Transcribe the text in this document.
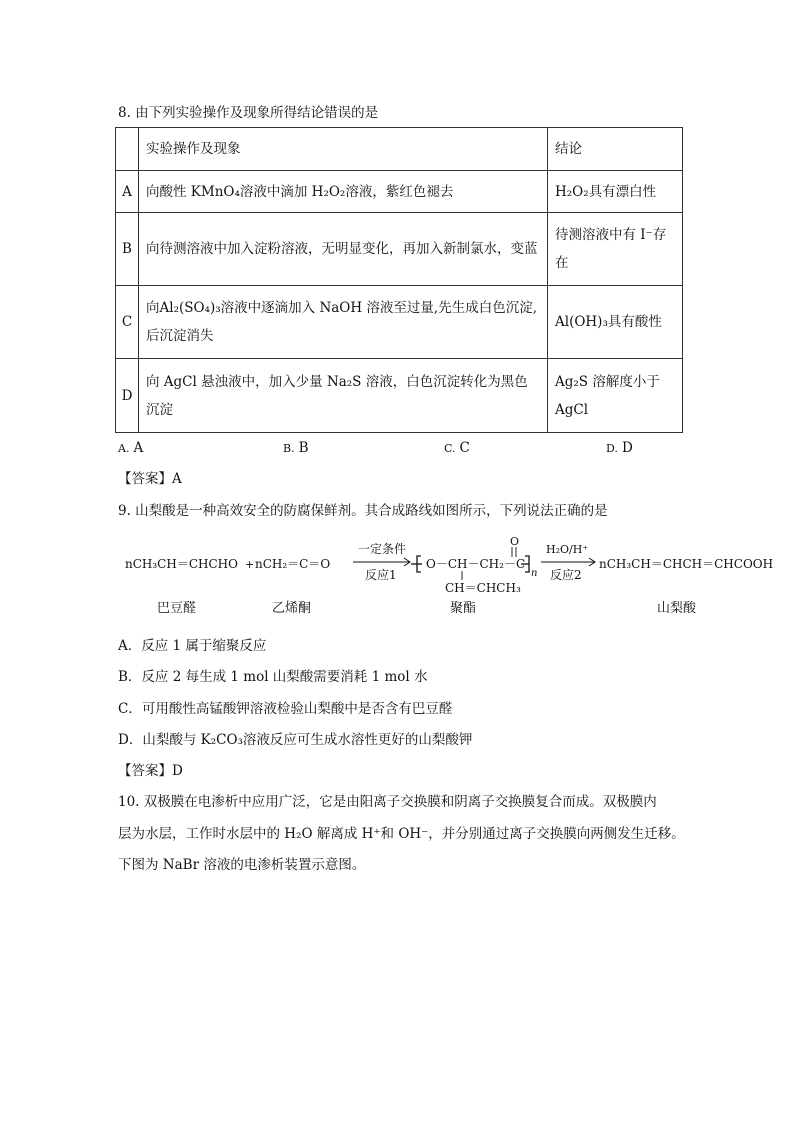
8. 由下列实验操作及现象所得结论错误的是
	实验操作及现象	结论
A	向酸性 KMnO₄溶液中滴加 H₂O₂溶液，紫红色褪去	H₂O₂具有漂白性
B	向待测溶液中加入淀粉溶液，无明显变化，再加入新制氯水，变蓝	待测溶液中有 I⁻存在
C	向Al₂(SO₄)₃溶液中逐滴加入 NaOH 溶液至过量,先生成白色沉淀,后沉淀消失	Al(OH)₃具有酸性
D	向 AgCl 悬浊液中，加入少量 Na₂S 溶液，白色沉淀转化为黑色沉淀	Ag₂S 溶解度小于AgCl
A. A	B. B	C. C	D. D
【答案】A
9. 山梨酸是一种高效安全的防腐保鲜剂。其合成路线如图所示，下列说法正确的是
nCH₃CH＝CHCHO + nCH₂＝C＝O
一定条件
反应1
O－CH－CH₂－C
O
n
CH＝CHCH₃
H₂O/H⁺
反应2
nCH₃CH＝CHCH＝CHCOOH
巴豆醛	乙烯酮	聚酯	山梨酸
A．反应 1 属于缩聚反应
B．反应 2 每生成 1 mol 山梨酸需要消耗 1 mol 水
C．可用酸性高锰酸钾溶液检验山梨酸中是否含有巴豆醛
D．山梨酸与 K₂CO₃溶液反应可生成水溶性更好的山梨酸钾
【答案】D
10. 双极膜在电渗析中应用广泛，它是由阳离子交换膜和阴离子交换膜复合而成。双极膜内
层为水层，工作时水层中的 H₂O 解离成 H⁺和 OH⁻，并分别通过离子交换膜向两侧发生迁移。
下图为 NaBr 溶液的电渗析装置示意图。
